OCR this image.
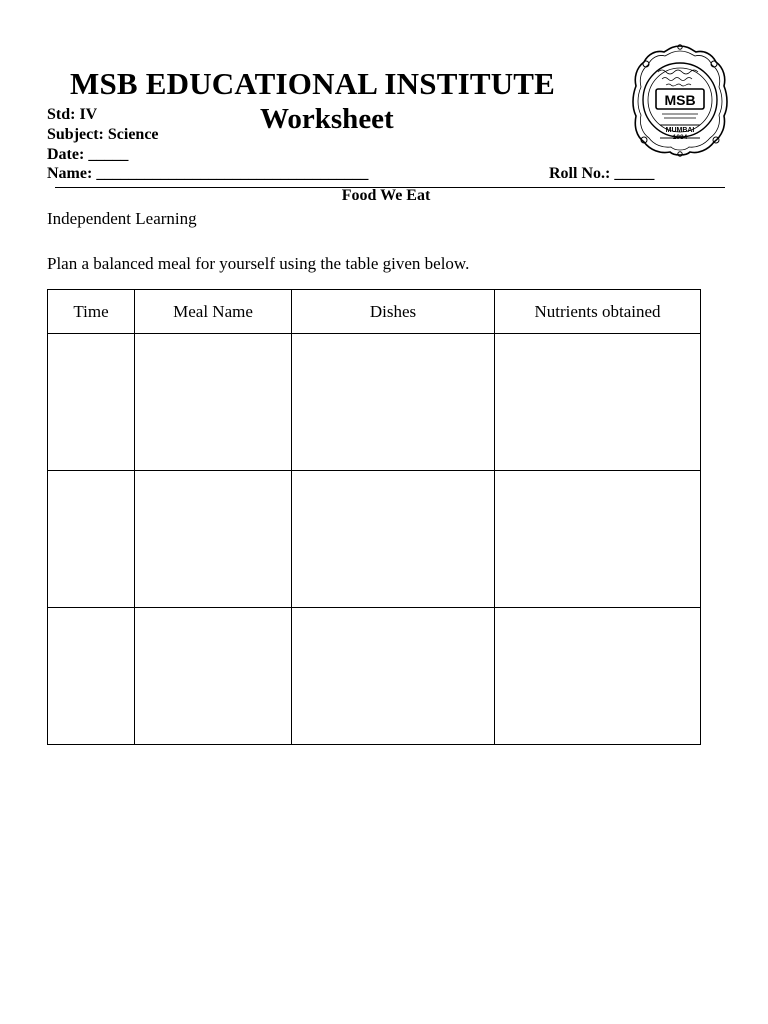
MSB EDUCATIONAL INSTITUTE
Worksheet
Std: IV
Subject: Science
Date: _____
Name: __________________________________	Roll No.: _____
MSB
MUMBAI
1984
Food We Eat
Independent Learning
Plan a balanced meal for yourself using the table given below.
Time	Meal Name	Dishes	Nutrients obtained
